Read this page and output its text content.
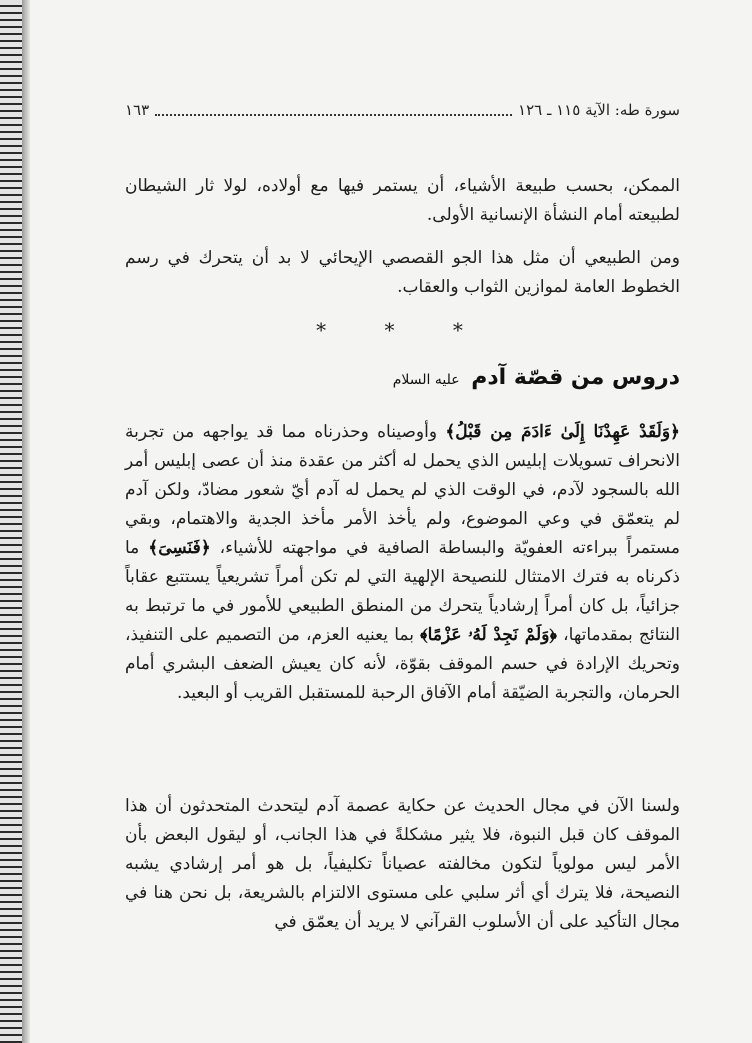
سورة طه: الآية ١١٥ ـ ١٢٦
١٦٣
الممكن، بحسب طبيعة الأشياء، أن يستمر فيها مع أولاده، لولا ثار الشيطان لطبيعته أمام النشأة الإنسانية الأولى.
ومن الطبيعي أن مثل هذا الجو القصصي الإيحائي لا بد أن يتحرك في رسم الخطوط العامة لموازين الثواب والعقاب.
* * *
دروس من قصّة آدم عليه السلام
﴿وَلَقَدْ عَهِدْنَا إِلَىٰ ءَادَمَ مِن قَبْلُ﴾ وأوصيناه وحذرناه مما قد يواجهه من تجربة الانحراف تسويلات إبليس الذي يحمل له أكثر من عقدة منذ أن عصى إبليس أمر الله بالسجود لآدم، في الوقت الذي لم يحمل له آدم أيّ شعور مضادّ، ولكن آدم لم يتعمّق في وعي الموضوع، ولم يأخذ الأمر مأخذ الجدية والاهتمام، وبقي مستمراً ببراءته العفويّة والبساطة الصافية في مواجهته للأشياء، ﴿فَنَسِىَ﴾ ما ذكرناه به فترك الامتثال للنصيحة الإلهية التي لم تكن أمراً تشريعياً يستتبع عقاباً جزائياً، بل كان أمراً إرشادياً يتحرك من المنطق الطبيعي للأمور في ما ترتبط به النتائج بمقدماتها، ﴿وَلَمْ نَجِدْ لَهُۥ عَزْمًا﴾ بما يعنيه العزم، من التصميم على التنفيذ، وتحريك الإرادة في حسم الموقف بقوّة، لأنه كان يعيش الضعف البشري أمام الحرمان، والتجربة الضيّقة أمام الآفاق الرحبة للمستقبل القريب أو البعيد.
ولسنا الآن في مجال الحديث عن حكاية عصمة آدم ليتحدث المتحدثون أن هذا الموقف كان قبل النبوة، فلا يثير مشكلةً في هذا الجانب، أو ليقول البعض بأن الأمر ليس مولوياً لتكون مخالفته عصياناً تكليفياً، بل هو أمر إرشادي يشبه النصيحة، فلا يترك أي أثر سلبي على مستوى الالتزام بالشريعة، بل نحن هنا في مجال التأكيد على أن الأسلوب القرآني لا يريد أن يعمّق في
